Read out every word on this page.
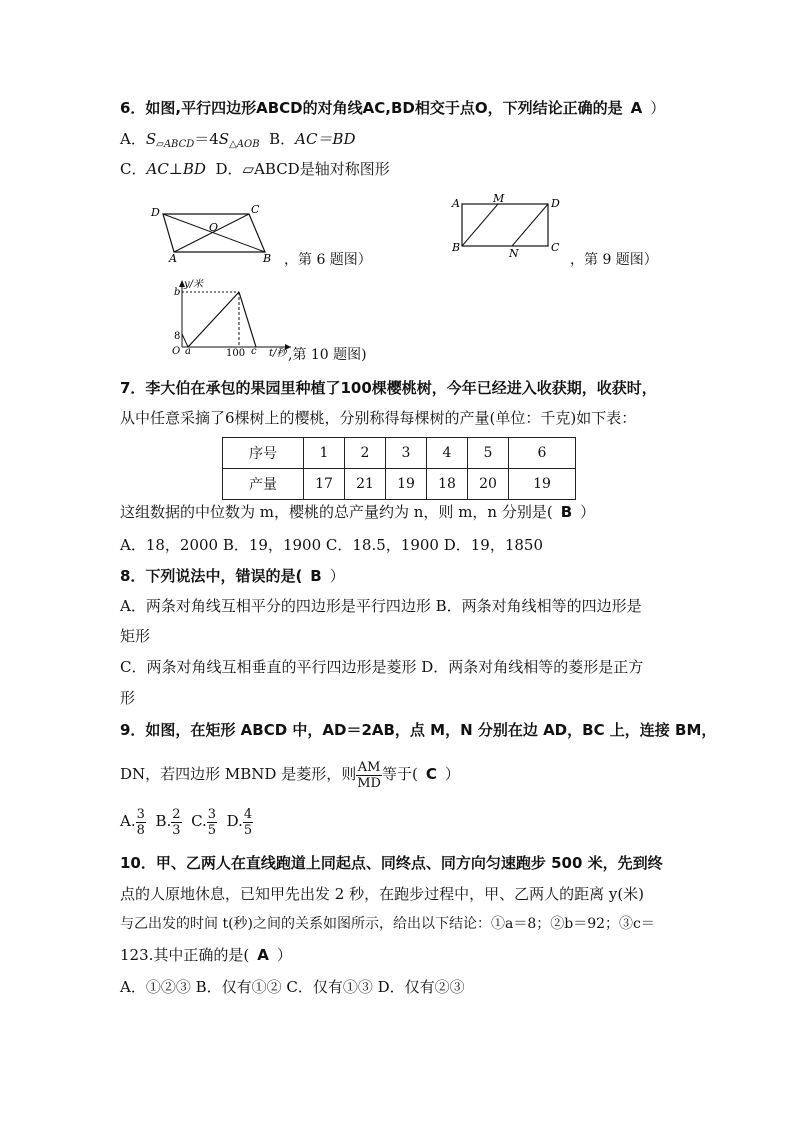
6．如图,平行四边形ABCD的对角线AC,BD相交于点O，下列结论正确的是 A ）
A．$S_{▱ABCD}=4S_{\triangle AOB}$ B．AC＝BD
C．AC⊥BD D．▱ABCD是轴对称图形
D	C
O
A	B ，第 6 题图）
A	M	D
B	N	C
，第 9 题图）
y/米
b
8
O a	100 c t/秒 ,第 10 题图)
7．李大伯在承包的果园里种植了100棵樱桃树，今年已经进入收获期，收获时，
从中任意采摘了6棵树上的樱桃，分别称得每棵树的产量(单位：千克)如下表：
序号	1	2	3	4	5	6
产量	17	21	19	18	20	19
这组数据的中位数为 m，樱桃的总产量约为 n，则 m，n 分别是( B ）
A．18，2000 B．19，1900 C．18.5，1900 D．19，1850
8．下列说法中，错误的是( B ）
A．两条对角线互相平分的四边形是平行四边形 B．两条对角线相等的四边形是
矩形
C．两条对角线互相垂直的平行四边形是菱形 D．两条对角线相等的菱形是正方
形
9．如图，在矩形 ABCD 中，AD＝2AB，点 M，N 分别在边 AD，BC 上，连接 BM，
DN，若四边形 MBND 是菱形，则 $\frac{AM}{MD}$ 等于( C ）
A. $\frac{3}{8} B$. $\frac{2}{3} C$. $\frac{3}{5} D$. $\frac{4}{5}$
10．甲、乙两人在直线跑道上同起点、同终点、同方向匀速跑步 500 米，先到终
点的人原地休息，已知甲先出发 2 秒，在跑步过程中，甲、乙两人的距离 y(米)
与乙出发的时间 t(秒)之间的关系如图所示，给出以下结论：①a＝8；②b＝92；③c＝
123.其中正确的是( A ）
A．①②③ B．仅有①② C．仅有①③ D．仅有②③
